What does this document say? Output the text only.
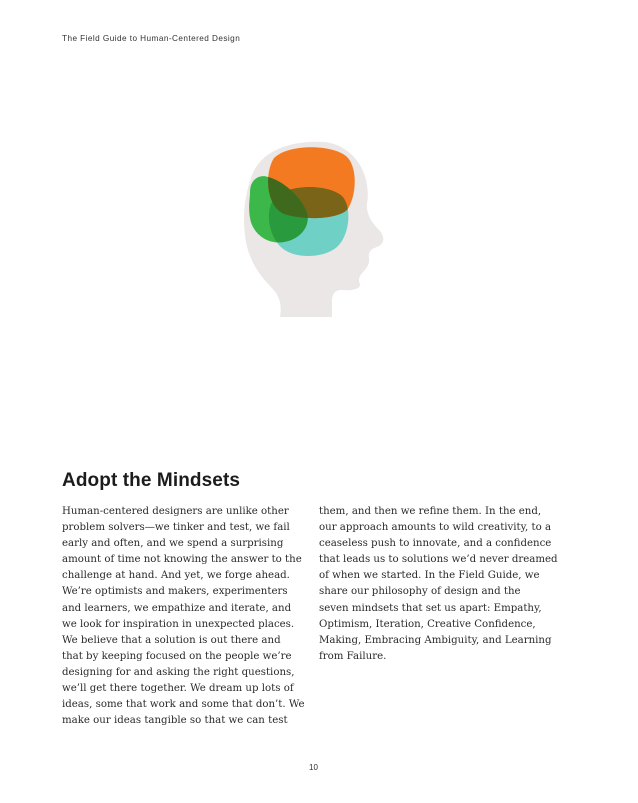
The Field Guide to Human-Centered Design
Adopt the Mindsets
Human-centered designers are unlike other
problem solvers—we tinker and test, we fail
early and often, and we spend a surprising
amount of time not knowing the answer to the
challenge at hand. And yet, we forge ahead.
We’re optimists and makers, experimenters
and learners, we empathize and iterate, and
we look for inspiration in unexpected places.
We believe that a solution is out there and
that by keeping focused on the people we’re
designing for and asking the right questions,
we’ll get there together. We dream up lots of
ideas, some that work and some that don’t. We
make our ideas tangible so that we can test
them, and then we refine them. In the end,
our approach amounts to wild creativity, to a
ceaseless push to innovate, and a confidence
that leads us to solutions we’d never dreamed
of when we started. In the Field Guide, we
share our philosophy of design and the
seven mindsets that set us apart: Empathy,
Optimism, Iteration, Creative Confidence,
Making, Embracing Ambiguity, and Learning
from Failure.
10
